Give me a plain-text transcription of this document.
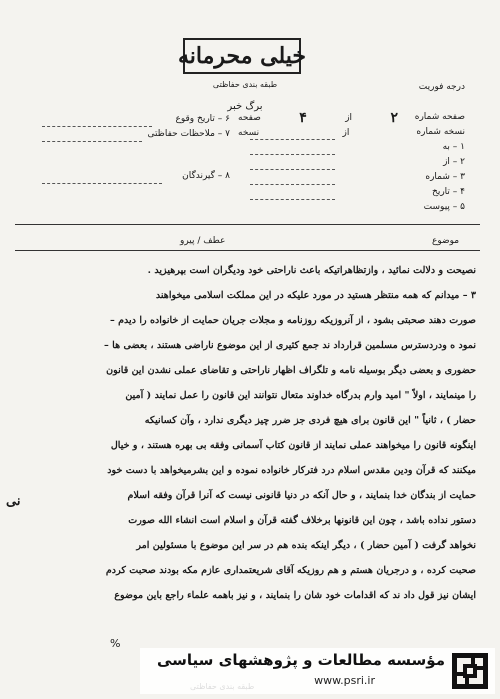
خیلی محرمانه
طبقه بندی حفاظتی
برگ خبر
درجه فوریت
صفحه شماره
نسخه شماره
۱ – به
۲ – از
۳ – شماره
۴ – تاریخ
۵ – پیوست
۲
از
۴
صفحه
از
نسخه
۶ – تاریخ وقوع
۷ – ملاحظات حفاظتی
۸ – گیرندگان
موضوع
عطف / پیرو
نصیحت و دلالت نمائید ، وازتظاهراتیکه باعث ناراحتی خود ودیگران است بپرهیزید .
۳ – میدانم که همه منتظر هستید در مورد علیکه در این مملکت اسلامی میخواهند
صورت دهند صحبتی بشود ، از آنروزیکه روزنامه و مجلات جریان حمایت از خانواده را دیدم –
نمود ه ودردسترس مسلمین قرارداد ند جمع کثیری از این موضوع ناراضی هستند ، بعضی ها –
حضوری و بعضی دیگر بوسیله نامه و تلگراف اظهار ناراحتی و تقاضای عملی نشدن این قانون
را مینمایند ، اولاً " امید وارم بدرگاه خداوند متعال نتوانند این قانون را عمل نمایند ( آمین
حضار ) ، ثانیاً " این قانون برای هیچ فردی جز ضرر چیز دیگری ندارد ، وآن کسانیکه
اینگونه قانون را میخواهند عملی نمایند از قانون کتاب آسمانی وفقه بی بهره هستند ، و خیال
میکنند که قرآن ودین مقدس اسلام درد فترکار خانواده نموده و این بشرمیخواهد با دست خود
حمایت از بندگان خدا بنمایند ، و حال آنکه در دنیا قانونی نیست که آنرا قرآن وفقه اسلام
دستور نداده باشد ، چون این قانونها برخلاف گفته قرآن و اسلام است انشاء الله صورت
نخواهد گرفت ( آمین حضار ) ، دیگر اینکه بنده هم در سر این موضوع با مسئولین امر
صحبت کرده ، و درجریان هستم و هم روزیکه آقای شریعتمداری عازم مکه بودند صحبت کردم
ایشان نیز قول داد ند که اقدامات خود شان را بنمایند ، و نیز باهمه علماء راجع باین موضوع
نی
%
مؤسسه مطالعات و پژوهشهای سیاسی
www.psri.ir
